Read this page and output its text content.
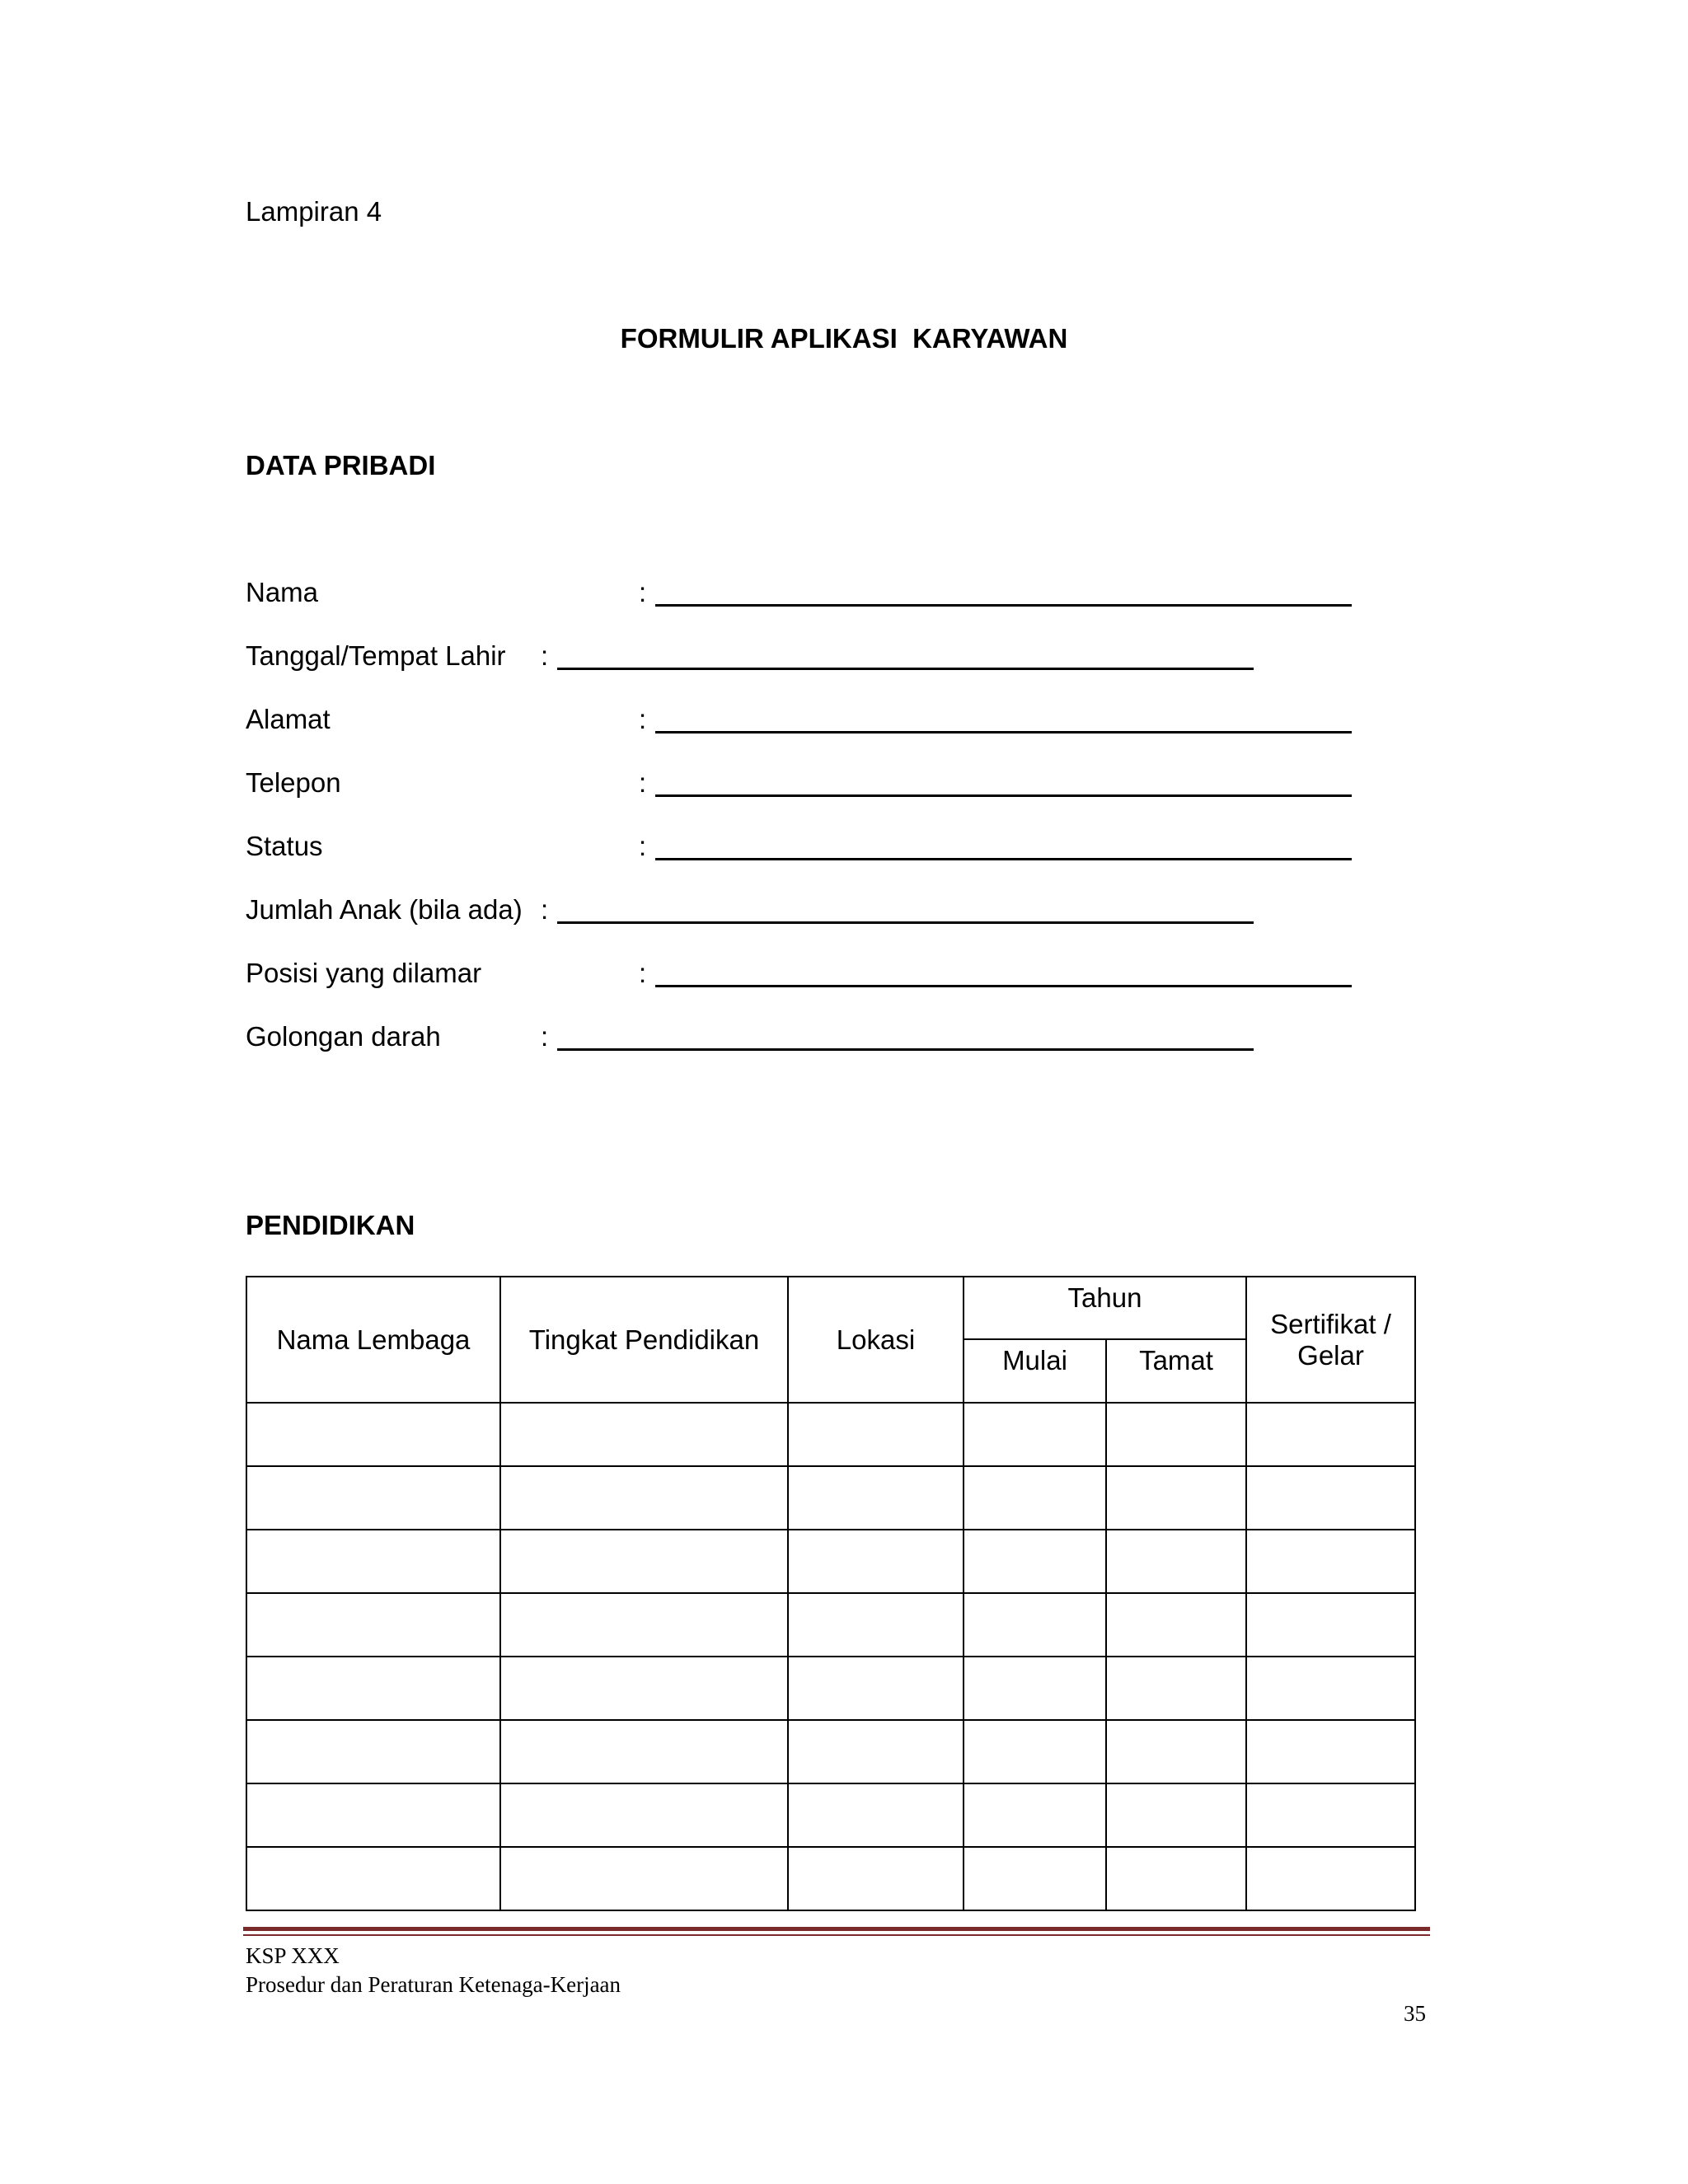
Lampiran 4
FORMULIR APLIKASI  KARYAWAN
DATA PRIBADI
Nama	:
Tanggal/Tempat Lahir :
Alamat	:
Telepon	:
Status	:
Jumlah Anak (bila ada) :
Posisi yang dilamar	:
Golongan darah	:
PENDIDIKAN
Nama Lembaga	Tingkat Pendidikan	Lokasi	Tahun		Sertifikat / Gelar
			Mulai	Tamat	

KSP XXX
Prosedur dan Peraturan Ketenaga-Kerjaan
35
